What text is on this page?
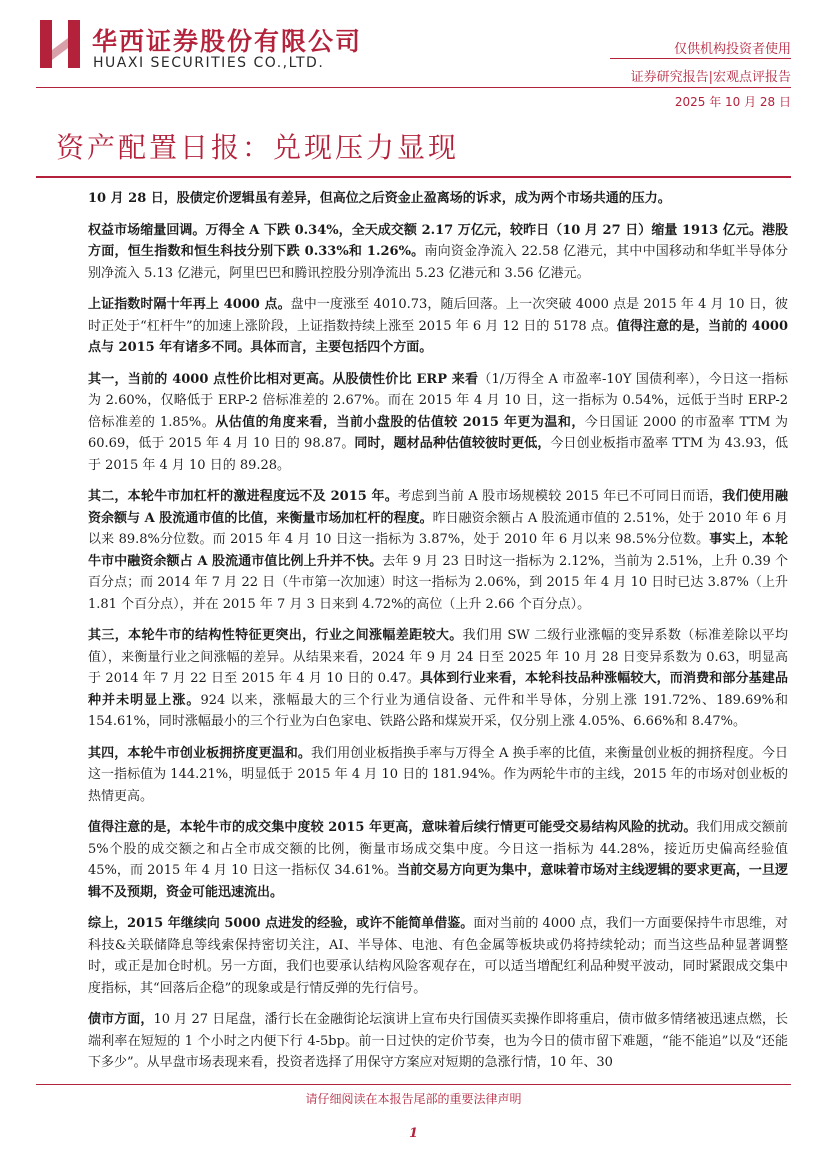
华西证券股份有限公司
HUAXI SECURITIES CO.,LTD.
仅供机构投资者使用
证券研究报告|宏观点评报告
2025 年 10 月 28 日
资产配置日报：兑现压力显现

10 月 28 日，股债定价逻辑虽有差异，但高位之后资金止盈离场的诉求，成为两个市场共通的压力。

权益市场缩量回调。万得全 A 下跌 0.34%，全天成交额 2.17 万亿元，较昨日（10 月 27 日）缩量 1913 亿元。港股方面，恒生指数和恒生科技分别下跌 0.33%和 1.26%。南向资金净流入 22.58 亿港元，其中中国移动和华虹半导体分别净流入 5.13 亿港元，阿里巴巴和腾讯控股分别净流出 5.23 亿港元和 3.56 亿港元。

上证指数时隔十年再上 4000 点。盘中一度涨至 4010.73，随后回落。上一次突破 4000 点是 2015 年 4 月 10 日，彼时正处于“杠杆牛”的加速上涨阶段，上证指数持续上涨至 2015 年 6 月 12 日的 5178 点。值得注意的是，当前的 4000 点与 2015 年有诸多不同。具体而言，主要包括四个方面。

其一，当前的 4000 点性价比相对更高。从股债性价比 ERP 来看（1/万得全 A 市盈率-10Y 国债利率），今日这一指标为 2.60%，仅略低于 ERP-2 倍标准差的 2.67%。而在 2015 年 4 月 10 日，这一指标为 0.54%，远低于当时 ERP-2 倍标准差的 1.85%。从估值的角度来看，当前小盘股的估值较 2015 年更为温和，今日国证 2000 的市盈率 TTM 为 60.69，低于 2015 年 4 月 10 日的 98.87。同时，题材品种估值较彼时更低，今日创业板指市盈率 TTM 为 43.93，低于 2015 年 4 月 10 日的 89.28。

其二，本轮牛市加杠杆的激进程度远不及 2015 年。考虑到当前 A 股市场规模较 2015 年已不可同日而语，我们使用融资余额与 A 股流通市值的比值，来衡量市场加杠杆的程度。昨日融资余额占 A 股流通市值的 2.51%，处于 2010 年 6 月以来 89.8%分位数。而 2015 年 4 月 10 日这一指标为 3.87%，处于 2010 年 6 月以来 98.5%分位数。事实上，本轮牛市中融资余额占 A 股流通市值比例上升并不快。去年 9 月 23 日时这一指标为 2.12%，当前为 2.51%，上升 0.39 个百分点；而 2014 年 7 月 22 日（牛市第一次加速）时这一指标为 2.06%，到 2015 年 4 月 10 日时已达 3.87%（上升 1.81 个百分点），并在 2015 年 7 月 3 日来到 4.72%的高位（上升 2.66 个百分点）。

其三，本轮牛市的结构性特征更突出，行业之间涨幅差距较大。我们用 SW 二级行业涨幅的变异系数（标准差除以平均值），来衡量行业之间涨幅的差异。从结果来看，2024 年 9 月 24 日至 2025 年 10 月 28 日变异系数为 0.63，明显高于 2014 年 7 月 22 日至 2015 年 4 月 10 日的 0.47。具体到行业来看，本轮科技品种涨幅较大，而消费和部分基建品种并未明显上涨。924 以来，涨幅最大的三个行业为通信设备、元件和半导体，分别上涨 191.72%、189.69%和 154.61%，同时涨幅最小的三个行业为白色家电、铁路公路和煤炭开采，仅分别上涨 4.05%、6.66%和 8.47%。

其四，本轮牛市创业板拥挤度更温和。我们用创业板指换手率与万得全 A 换手率的比值，来衡量创业板的拥挤程度。今日这一指标值为 144.21%，明显低于 2015 年 4 月 10 日的 181.94%。作为两轮牛市的主线，2015 年的市场对创业板的热情更高。

值得注意的是，本轮牛市的成交集中度较 2015 年更高，意味着后续行情更可能受交易结构风险的扰动。我们用成交额前 5%个股的成交额之和占全市成交额的比例，衡量市场成交集中度。今日这一指标为 44.28%，接近历史偏高经验值 45%，而 2015 年 4 月 10 日这一指标仅 34.61%。当前交易方向更为集中，意味着市场对主线逻辑的要求更高，一旦逻辑不及预期，资金可能迅速流出。

综上，2015 年继续向 5000 点进发的经验，或许不能简单借鉴。面对当前的 4000 点，我们一方面要保持牛市思维，对科技&关联储降息等线索保持密切关注，AI、半导体、电池、有色金属等板块或仍将持续轮动；而当这些品种显著调整时，或正是加仓时机。另一方面，我们也要承认结构风险客观存在，可以适当增配红利品种熨平波动，同时紧跟成交集中度指标，其“回落后企稳”的现象或是行情反弹的先行信号。

债市方面，10 月 27 日尾盘，潘行长在金融街论坛演讲上宣布央行国债买卖操作即将重启，债市做多情绪被迅速点燃，长端利率在短短的 1 个小时之内便下行 4-5bp。前一日过快的定价节奏，也为今日的债市留下难题，“能不能追”以及“还能下多少”。从早盘市场表现来看，投资者选择了用保守方案应对短期的急涨行情，10 年、30

请仔细阅读在本报告尾部的重要法律声明
1
